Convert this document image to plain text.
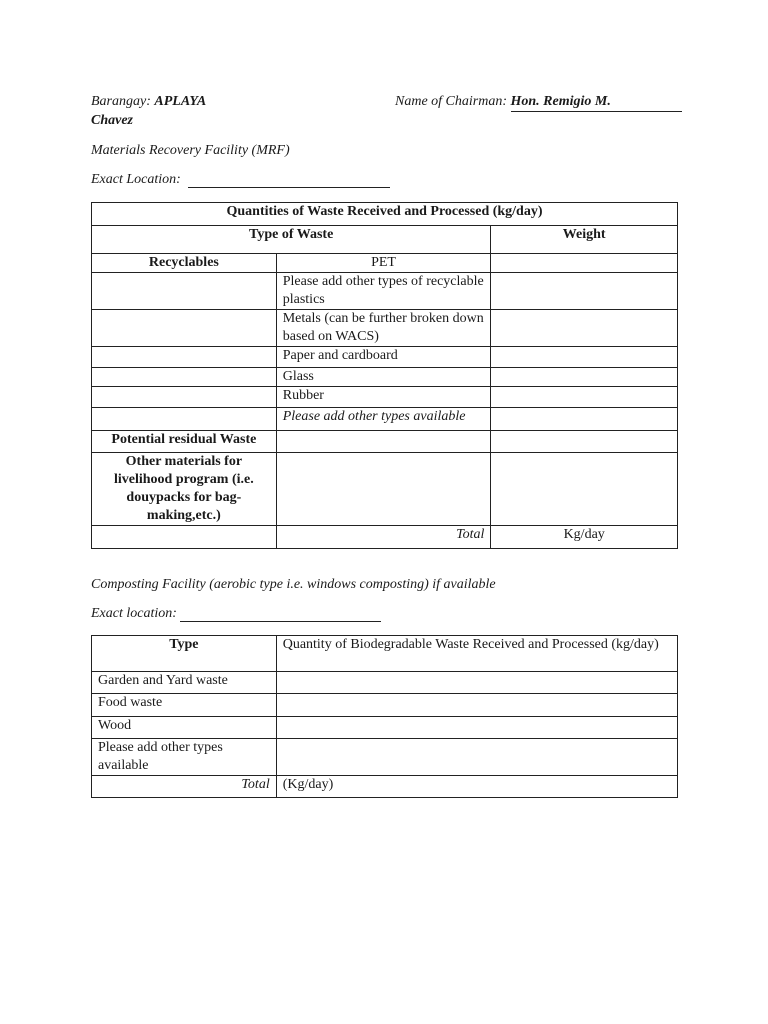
Barangay: APLAYA
Chavez
Name of Chairman: Hon. Remigio M.
Materials Recovery Facility (MRF)
Exact Location:
Quantities of Waste Received and Processed (kg/day)		
Type of Waste		Weight
Recyclables	PET	
	Please add other types of recyclable plastics	
	Metals (can be further broken down based on WACS)	
	Paper and cardboard	
	Glass	
	Rubber	
	Please add other types available	
Potential residual Waste		
Other materials for livelihood program (i.e. douypacks for bag-making,etc.)		
	Total	Kg/day
Composting Facility (aerobic type i.e. windows composting) if available
Exact location:
Type	Quantity of Biodegradable Waste Received and Processed (kg/day)
Garden and Yard waste	
Food waste	
Wood	
Please add other types available	
Total	(Kg/day)
